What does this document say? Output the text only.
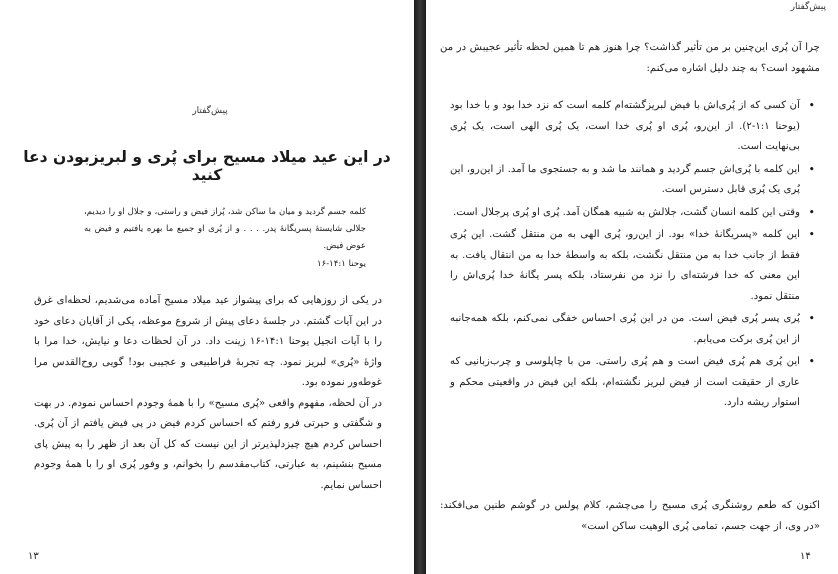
پیش‌گفتار
در این عید میلاد مسیح برای پُری و لبریزبودن دعا کنید

کلمه جسم گردید و میان ما ساکن شد، پُراز فیض و راستی، و جلال او را دیدیم، جلالی شایستهٔ پسریگانهٔ پدر. . . . و از پُری او جمیع ما بهره یافتیم و فیض به عوض فیض.

یوحنا ۱۴:۱-۱۶

در یکی از روزهایی که برای پیشواز عید میلاد مسیح آماده می‌شدیم، لحظه‌ای غرق در این آیات گشتم. در جلسهٔ دعای پیش از شروع موعظه، یکی از آقایان دعای خود را با آیات انجیل یوحنا ۱۴:۱-۱۶ زینت داد. در آن لحظات دعا و نیایش، خدا مرا با واژهٔ «پُری» لبریز نمود. چه تجربهٔ فراطبیعی و عجیبی بود! گویی روح‌القدس مرا غوطه‌ور نموده بود.

در آن لحظه، مفهوم واقعی «پُری مسیح» را با همهٔ وجودم احساس نمودم. در بهت و شگفتی و حیرتی فرو رفتم که احساس کردم فیض در پی فیض یافتم از آن پُری. احساس کردم هیچ چیزدلپذیرتر از این نیست که کل آن بعد از ظهر را به پیش پای مسیح بنشینم، به عبارتی، کتاب‌مقدسم را بخوانم، و وفور پُری او را با همهٔ وجودم احساس نمایم.

۱۳
پیش‌گفتار

چرا آن پُری این‌چنین بر من تأثیر گذاشت؟ چرا هنوز هم تا همین لحظه تأثیر عجیبش در من مشهود است؟ به چند دلیل اشاره می‌کنم:

• آن کسی که از پُری‌اش با فیض لبریزگشته‌ام کلمه است که نزد خدا بود و با خدا بود (یوحنا ۱:۱-۲). از این‌رو، پُری او پُری خدا است، یک پُری الهی است، یک پُری بی‌نهایت است.
• این کلمه با پُری‌اش جسم گردید و همانند ما شد و به جستجوی ما آمد. از این‌رو، این پُری یک پُری قابل دسترس است.
• وقتی این کلمه انسان گشت، جلالش به شبیه همگان آمد. پُری او پُری پرجلال است.
• این کلمه «پسریگانهٔ خدا» بود. از این‌رو، پُری الهی به من منتقل گشت. این پُری فقط از جانب خدا به من منتقل نگشت، بلکه به واسطهٔ خدا به من انتقال یافت. به این معنی که خدا فرشته‌ای را نزد من نفرستاد، بلکه پسر یگانهٔ خدا پُری‌اش را منتقل نمود.
• پُری پسر پُری فیض است. من در این پُری احساس خفگی نمی‌کنم، بلکه همه‌جانبه از این پُری برکت می‌یابم.
• این پُری هم پُری فیض است و هم پُری راستی. من با چاپلوسی و چرب‌زبانیی که عاری از حقیقت است از فیض لبریز نگشته‌ام، بلکه این فیض در واقعیتی محکم و استوار ریشه دارد.

اکنون که طعم روشنگری پُری مسیح را می‌چشم، کلام پولس در گوشم طنین می‌افکند: «در وی، از جهت جسم، تمامی پُری الوهیت ساکن است»

۱۴
